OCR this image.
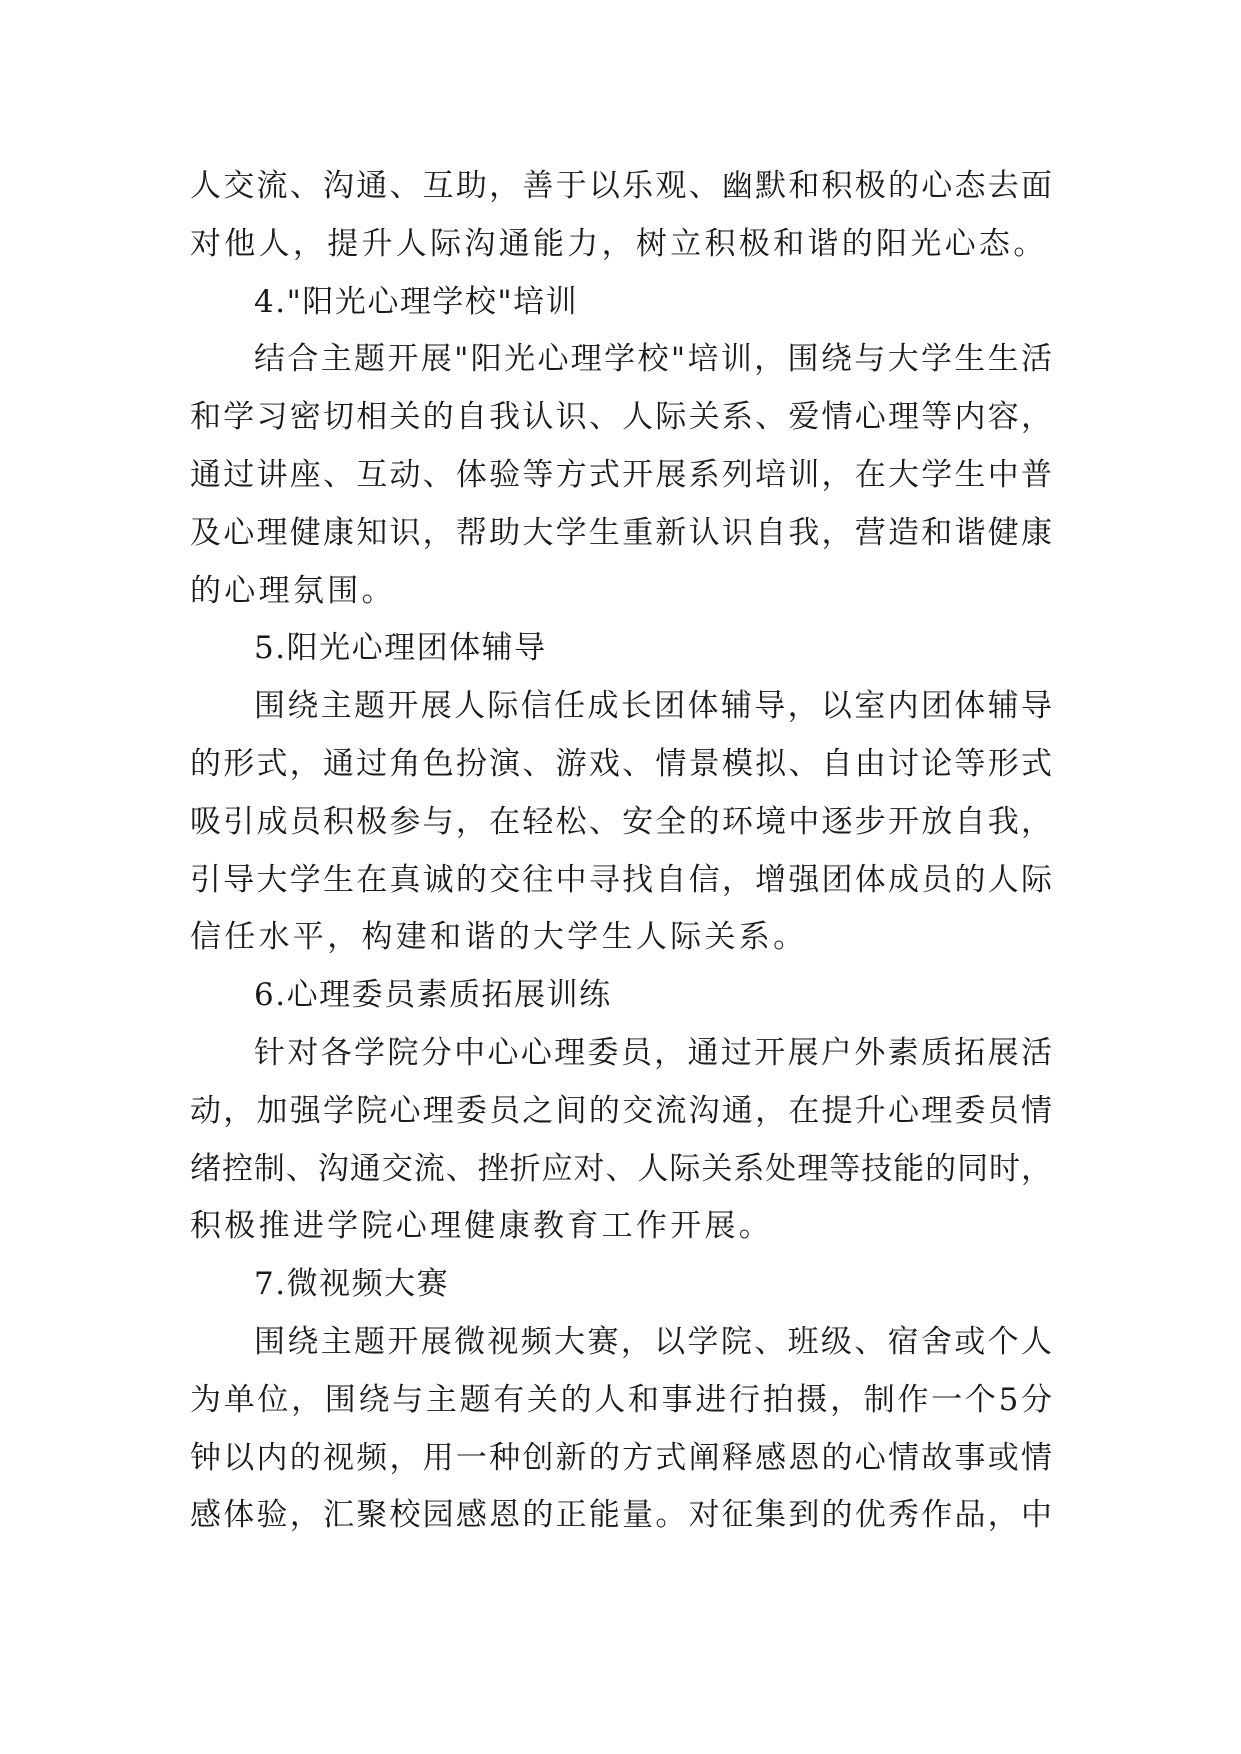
人交流、沟通、互助，善于以乐观、幽默和积极的心态去面
对他人，提升人际沟通能力，树立积极和谐的阳光心态。
4."阳光心理学校"培训
结合主题开展"阳光心理学校"培训，围绕与大学生生活
和学习密切相关的自我认识、人际关系、爱情心理等内容，
通过讲座、互动、体验等方式开展系列培训，在大学生中普
及心理健康知识，帮助大学生重新认识自我，营造和谐健康
的心理氛围。
5.阳光心理团体辅导
围绕主题开展人际信任成长团体辅导，以室内团体辅导
的形式，通过角色扮演、游戏、情景模拟、自由讨论等形式
吸引成员积极参与，在轻松、安全的环境中逐步开放自我，
引导大学生在真诚的交往中寻找自信，增强团体成员的人际
信任水平，构建和谐的大学生人际关系。
6.心理委员素质拓展训练
针对各学院分中心心理委员，通过开展户外素质拓展活
动，加强学院心理委员之间的交流沟通，在提升心理委员情
绪控制、沟通交流、挫折应对、人际关系处理等技能的同时，
积极推进学院心理健康教育工作开展。
7.微视频大赛
围绕主题开展微视频大赛，以学院、班级、宿舍或个人
为单位，围绕与主题有关的人和事进行拍摄，制作一个5分
钟以内的视频，用一种创新的方式阐释感恩的心情故事或情
感体验，汇聚校园感恩的正能量。对征集到的优秀作品，中
